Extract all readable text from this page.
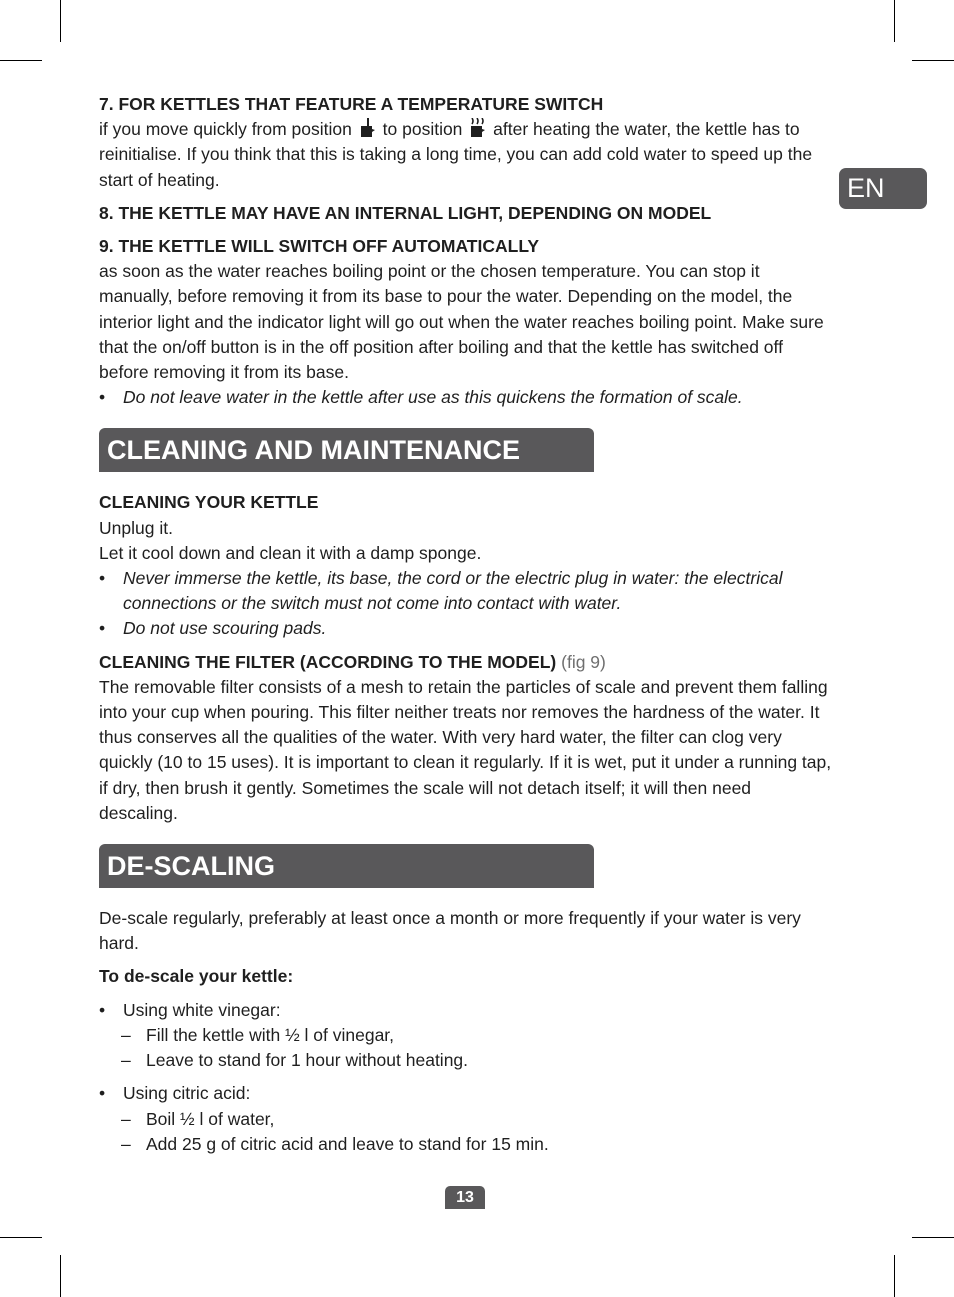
EN

7. FOR KETTLES THAT FEATURE A TEMPERATURE SWITCH

if you move quickly from position to position after heating the water, the kettle has to reinitialise. If you think that this is taking a long time, you can add cold water to speed up the start of heating.

8. THE KETTLE MAY HAVE AN INTERNAL LIGHT, DEPENDING ON MODEL

9. THE KETTLE WILL SWITCH OFF AUTOMATICALLY

as soon as the water reaches boiling point or the chosen temperature. You can stop it manually, before removing it from its base to pour the water. Depending on the model, the interior light and the indicator light will go out when the water reaches boiling point. Make sure that the on/off button is in the off position after boiling and that the kettle has switched off before removing it from its base.

• Do not leave water in the kettle after use as this quickens the formation of scale.

CLEANING AND MAINTENANCE

CLEANING YOUR KETTLE

Unplug it.

Let it cool down and clean it with a damp sponge.

• Never immerse the kettle, its base, the cord or the electric plug in water: the electrical connections or the switch must not come into contact with water.

• Do not use scouring pads.

CLEANING THE FILTER (ACCORDING TO THE MODEL) (fig 9)

The removable filter consists of a mesh to retain the particles of scale and prevent them falling into your cup when pouring. This filter neither treats nor removes the hardness of the water. It thus conserves all the qualities of the water. With very hard water, the filter can clog very quickly (10 to 15 uses). It is important to clean it regularly. If it is wet, put it under a running tap, if dry, then brush it gently. Sometimes the scale will not detach itself; it will then need descaling.

DE-SCALING

De-scale regularly, preferably at least once a month or more frequently if your water is very hard.

To de-scale your kettle:

• Using white vinegar:

– Fill the kettle with ½ l of vinegar,

– Leave to stand for 1 hour without heating.

• Using citric acid:

– Boil ½ l of water,

– Add 25 g of citric acid and leave to stand for 15 min.

13
